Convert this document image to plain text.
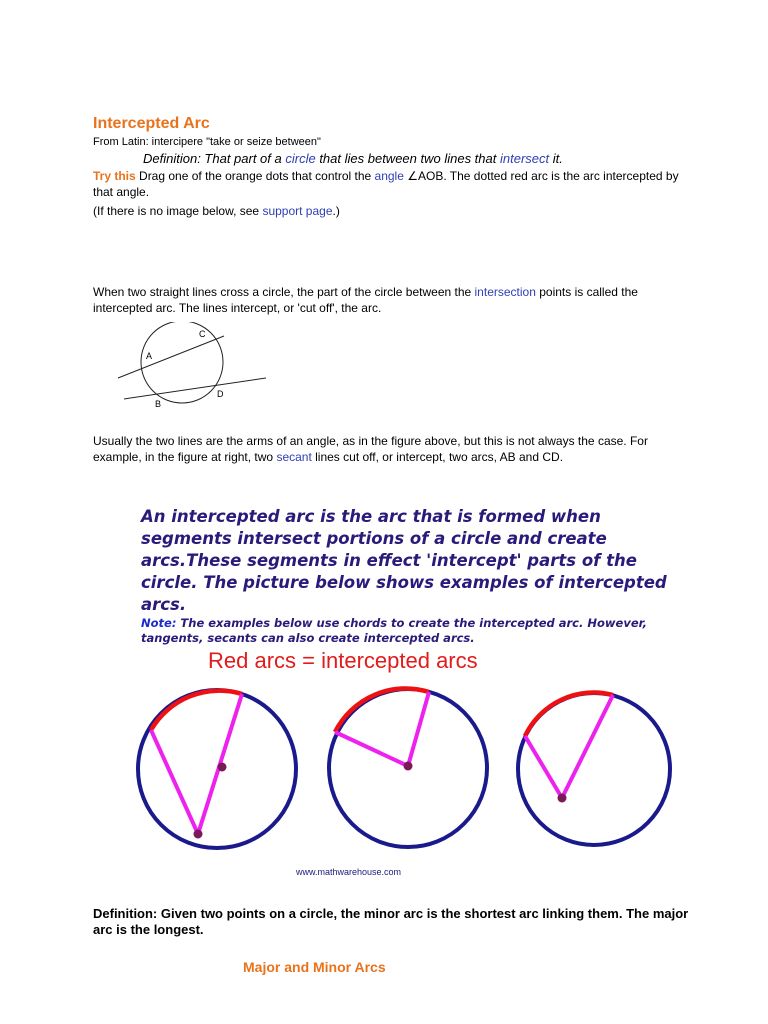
Intercepted Arc
From Latin: intercipere "take or seize between"
Definition: That part of a circle that lies between two lines that intersect it.
Try this Drag one of the orange dots that control the angle ∠AOB. The dotted red arc is the arc intercepted by that angle.
(If there is no image below, see support page.)
When two straight lines cross a circle, the part of the circle between the intersection points is called the intercepted arc. The lines intercept, or 'cut off', the arc.
A
B
C
D
Usually the two lines are the arms of an angle, as in the figure above, but this is not always the case. For example, in the figure at right, two secant lines cut off, or intercept, two arcs, AB and CD.
An intercepted arc is the arc that is formed when segments intersect portions of a circle and create arcs.These segments in effect 'intercept' parts of the circle. The picture below shows examples of intercepted arcs.
Note: The examples below use chords to create the intercepted arc. However, tangents, secants can also create intercepted arcs.
Red arcs = intercepted arcs
www.mathwarehouse.com
Definition: Given two points on a circle, the minor arc is the shortest arc linking them. The major arc is the longest.
Major and Minor Arcs
